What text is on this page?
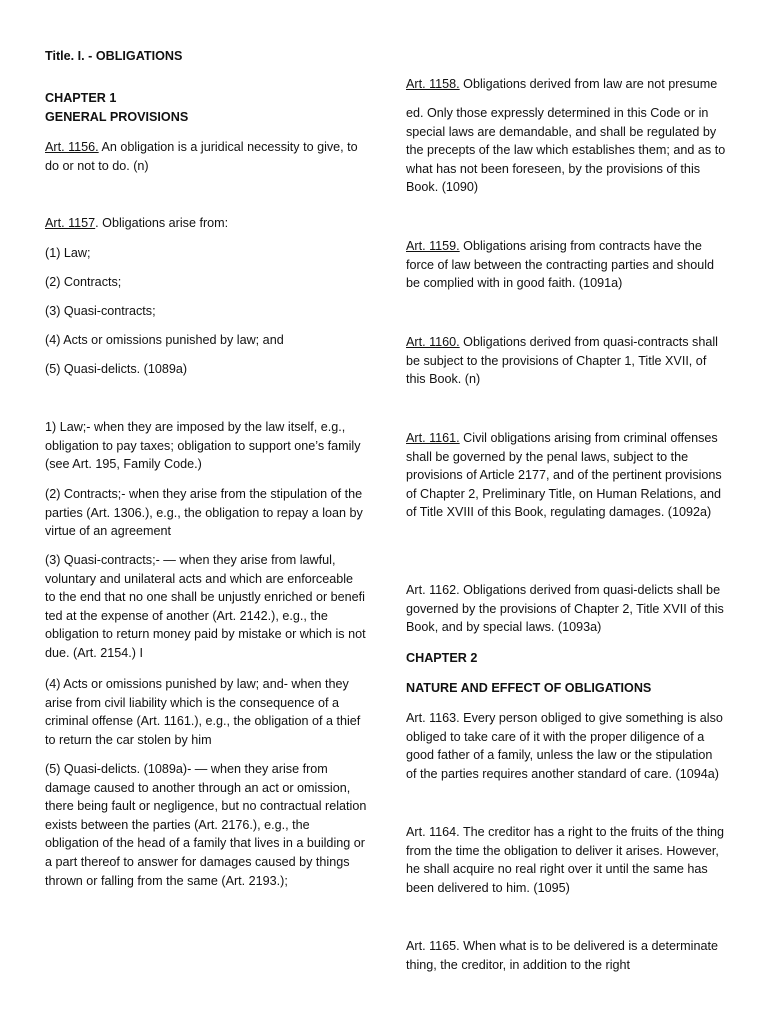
Title. I. - OBLIGATIONS

CHAPTER 1

GENERAL PROVISIONS

Art. 1156. An obligation is a juridical necessity to give, to do or not to do. (n)

Art. 1157. Obligations arise from:

(1) Law;

(2) Contracts;

(3) Quasi-contracts;

(4) Acts or omissions punished by law; and

(5) Quasi-delicts. (1089a)

1) Law;- when they are imposed by the law itself, e.g., obligation to pay taxes; obligation to support one’s family (see Art. 195, Family Code.)

(2) Contracts;- when they arise from the stipulation of the parties (Art. 1306.), e.g., the obligation to repay a loan by virtue of an agreement

(3) Quasi-contracts;- — when they arise from lawful, voluntary and unilateral acts and which are enforceable to the end that no one shall be unjustly enriched or benefi ted at the expense of another (Art. 2142.), e.g., the obligation to return money paid by mistake or which is not due. (Art. 2154.) I

(4) Acts or omissions punished by law; and- when they arise from civil liability which is the consequence of a criminal offense (Art. 1161.), e.g., the obligation of a thief to return the car stolen by him

(5) Quasi-delicts. (1089a)- — when they arise from damage caused to another through an act or omission, there being fault or negligence, but no contractual relation exists between the parties (Art. 2176.), e.g., the obligation of the head of a family that lives in a building or a part thereof to answer for damages caused by things thrown or falling from the same (Art. 2193.);

Art. 1158. Obligations derived from law are not presume

ed. Only those expressly determined in this Code or in special laws are demandable, and shall be regulated by the precepts of the law which establishes them; and as to what has not been foreseen, by the provisions of this Book. (1090)

Art. 1159. Obligations arising from contracts have the force of law between the contracting parties and should be complied with in good faith. (1091a)

Art. 1160. Obligations derived from quasi-contracts shall be subject to the provisions of Chapter 1, Title XVII, of this Book. (n)

Art. 1161. Civil obligations arising from criminal offenses shall be governed by the penal laws, subject to the provisions of Article 2177, and of the pertinent provisions of Chapter 2, Preliminary Title, on Human Relations, and of Title XVIII of this Book, regulating damages. (1092a)

Art. 1162. Obligations derived from quasi-delicts shall be governed by the provisions of Chapter 2, Title XVII of this Book, and by special laws. (1093a)

CHAPTER 2

NATURE AND EFFECT OF OBLIGATIONS

Art. 1163. Every person obliged to give something is also obliged to take care of it with the proper diligence of a good father of a family, unless the law or the stipulation of the parties requires another standard of care. (1094a)

Art. 1164. The creditor has a right to the fruits of the thing from the time the obligation to deliver it arises. However, he shall acquire no real right over it until the same has been delivered to him. (1095)

Art. 1165. When what is to be delivered is a determinate thing, the creditor, in addition to the right
